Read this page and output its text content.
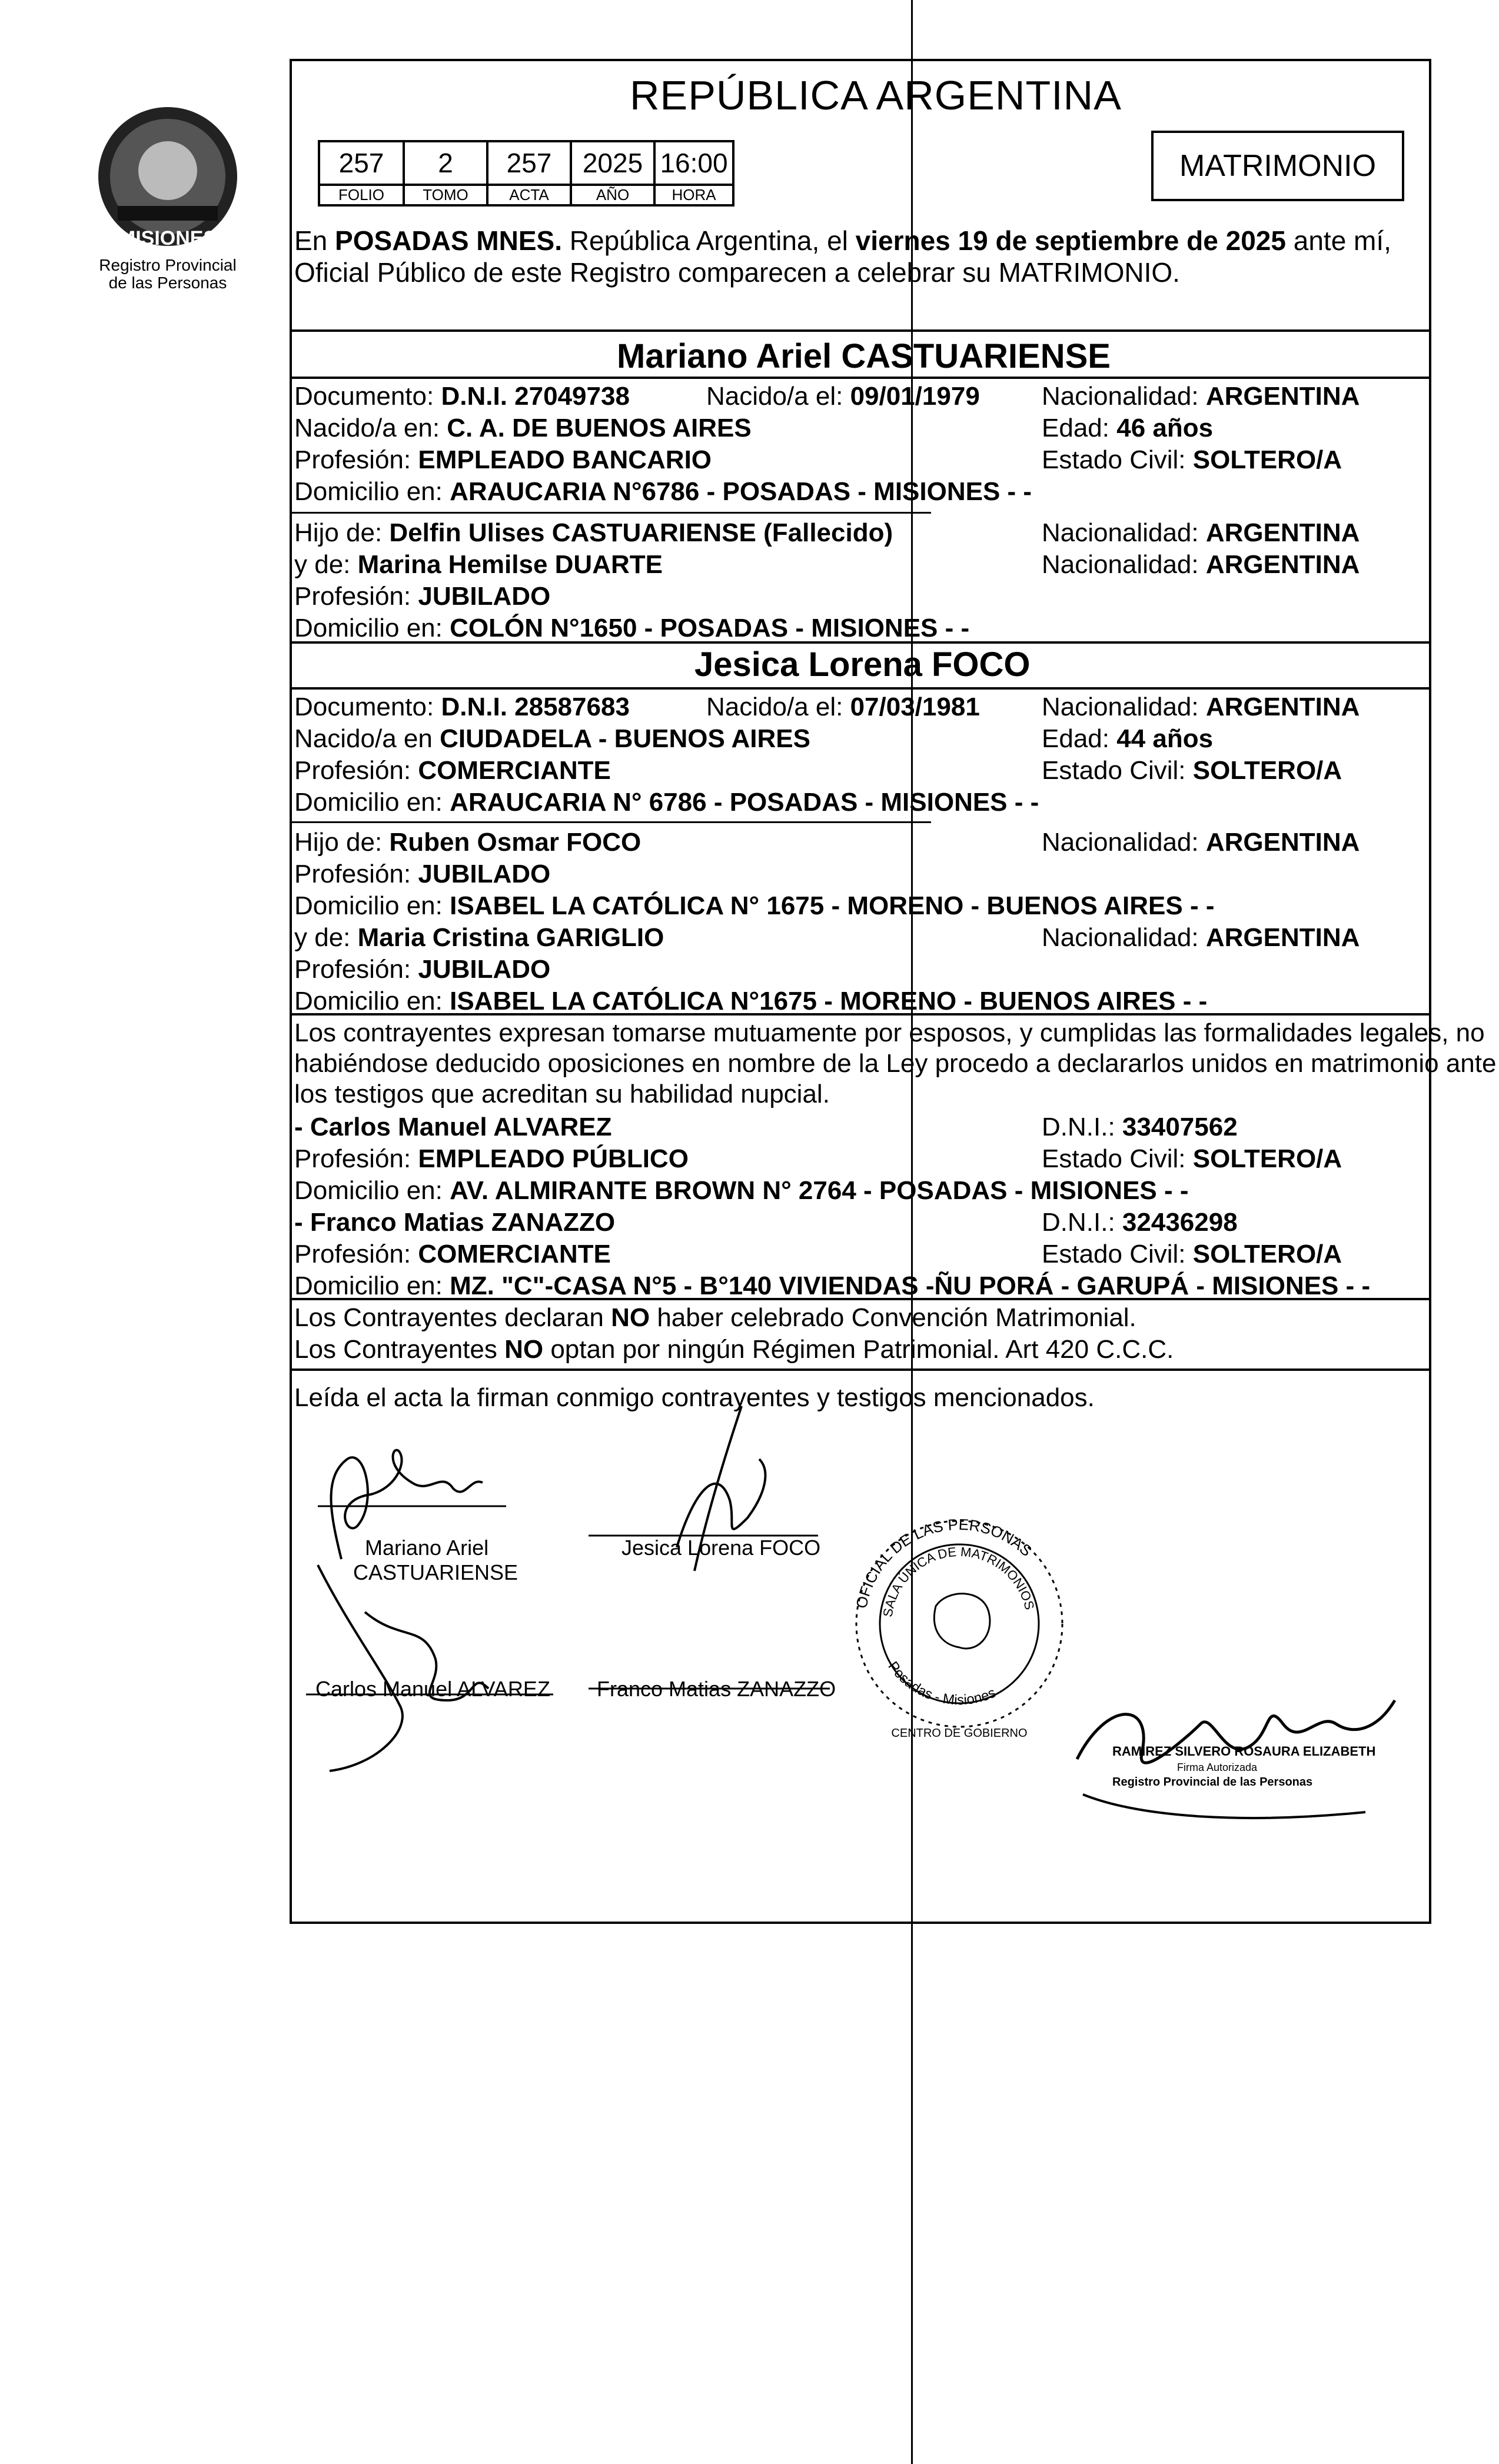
PROVINCIA DE
MISIONES
Registro Provincial
de las Personas
REPÚBLICA ARGENTINA
257	2	257	2025	16:00
FOLIO	TOMO	ACTA	AÑO	HORA
MATRIMONIO
En POSADAS MNES. República Argentina, el viernes 19 de septiembre de 2025 ante mí,
Oficial Público de este Registro comparecen a celebrar su MATRIMONIO.
Mariano Ariel CASTUARIENSE
Documento: D.N.I. 27049738	Nacido/a el: 09/01/1979 Nacionalidad: ARGENTINA
Nacido/a en: C. A. DE BUENOS AIRES	Edad: 46 años
Profesión: EMPLEADO BANCARIO	Estado Civil: SOLTERO/A
Domicilio en: ARAUCARIA N°6786 - POSADAS - MISIONES - -
Hijo de: Delfin Ulises CASTUARIENSE (Fallecido)	Nacionalidad: ARGENTINA
y de: Marina Hemilse DUARTE	Nacionalidad: ARGENTINA
Profesión: JUBILADO
Domicilio en: COLÓN N°1650 - POSADAS - MISIONES - -
Jesica Lorena FOCO
Documento: D.N.I. 28587683	Nacido/a el: 07/03/1981 Nacionalidad: ARGENTINA
Nacido/a en CIUDADELA - BUENOS AIRES	Edad: 44 años
Profesión: COMERCIANTE	Estado Civil: SOLTERO/A
Domicilio en: ARAUCARIA N° 6786 - POSADAS - MISIONES - -
Hijo de: Ruben Osmar FOCO	Nacionalidad: ARGENTINA
Profesión: JUBILADO
Domicilio en: ISABEL LA CATÓLICA N° 1675 - MORENO - BUENOS AIRES - -
y de: Maria Cristina GARIGLIO	Nacionalidad: ARGENTINA
Profesión: JUBILADO
Domicilio en: ISABEL LA CATÓLICA N°1675 - MORENO - BUENOS AIRES - -
Los contrayentes expresan tomarse mutuamente por esposos, y cumplidas las formalidades legales, no
habiéndose deducido oposiciones en nombre de la Ley procedo a declararlos unidos en matrimonio ante
los testigos que acreditan su habilidad nupcial.
- Carlos Manuel ALVAREZ	D.N.I.: 33407562
Profesión: EMPLEADO PÚBLICO	Estado Civil: SOLTERO/A
Domicilio en: AV. ALMIRANTE BROWN N° 2764 - POSADAS - MISIONES - -
- Franco Matias ZANAZZO	D.N.I.: 32436298
Profesión: COMERCIANTE	Estado Civil: SOLTERO/A
Domicilio en: MZ. "C"-CASA N°5 - B°140 VIVIENDAS -ÑU PORÁ - GARUPÁ - MISIONES - -
Los Contrayentes declaran NO haber celebrado Convención Matrimonial.
Los Contrayentes NO optan por ningún Régimen Patrimonial. Art 420 C.C.C.
Leída el acta la firman conmigo contrayentes y testigos mencionados.
Mariano Ariel
CASTUARIENSE
Jesica Lorena FOCO
Carlos Manuel ALVAREZ Franco Matias ZANAZZO
OFICIAL DE LAS PERSONAS
SALA ÚNICA DE MATRIMONIOS
Posadas - Misiones
CENTRO DE GOBIERNO
RAMIREZ SILVERO ROSAURA ELIZABETH
Firma Autorizada
Registro Provincial de las Personas
